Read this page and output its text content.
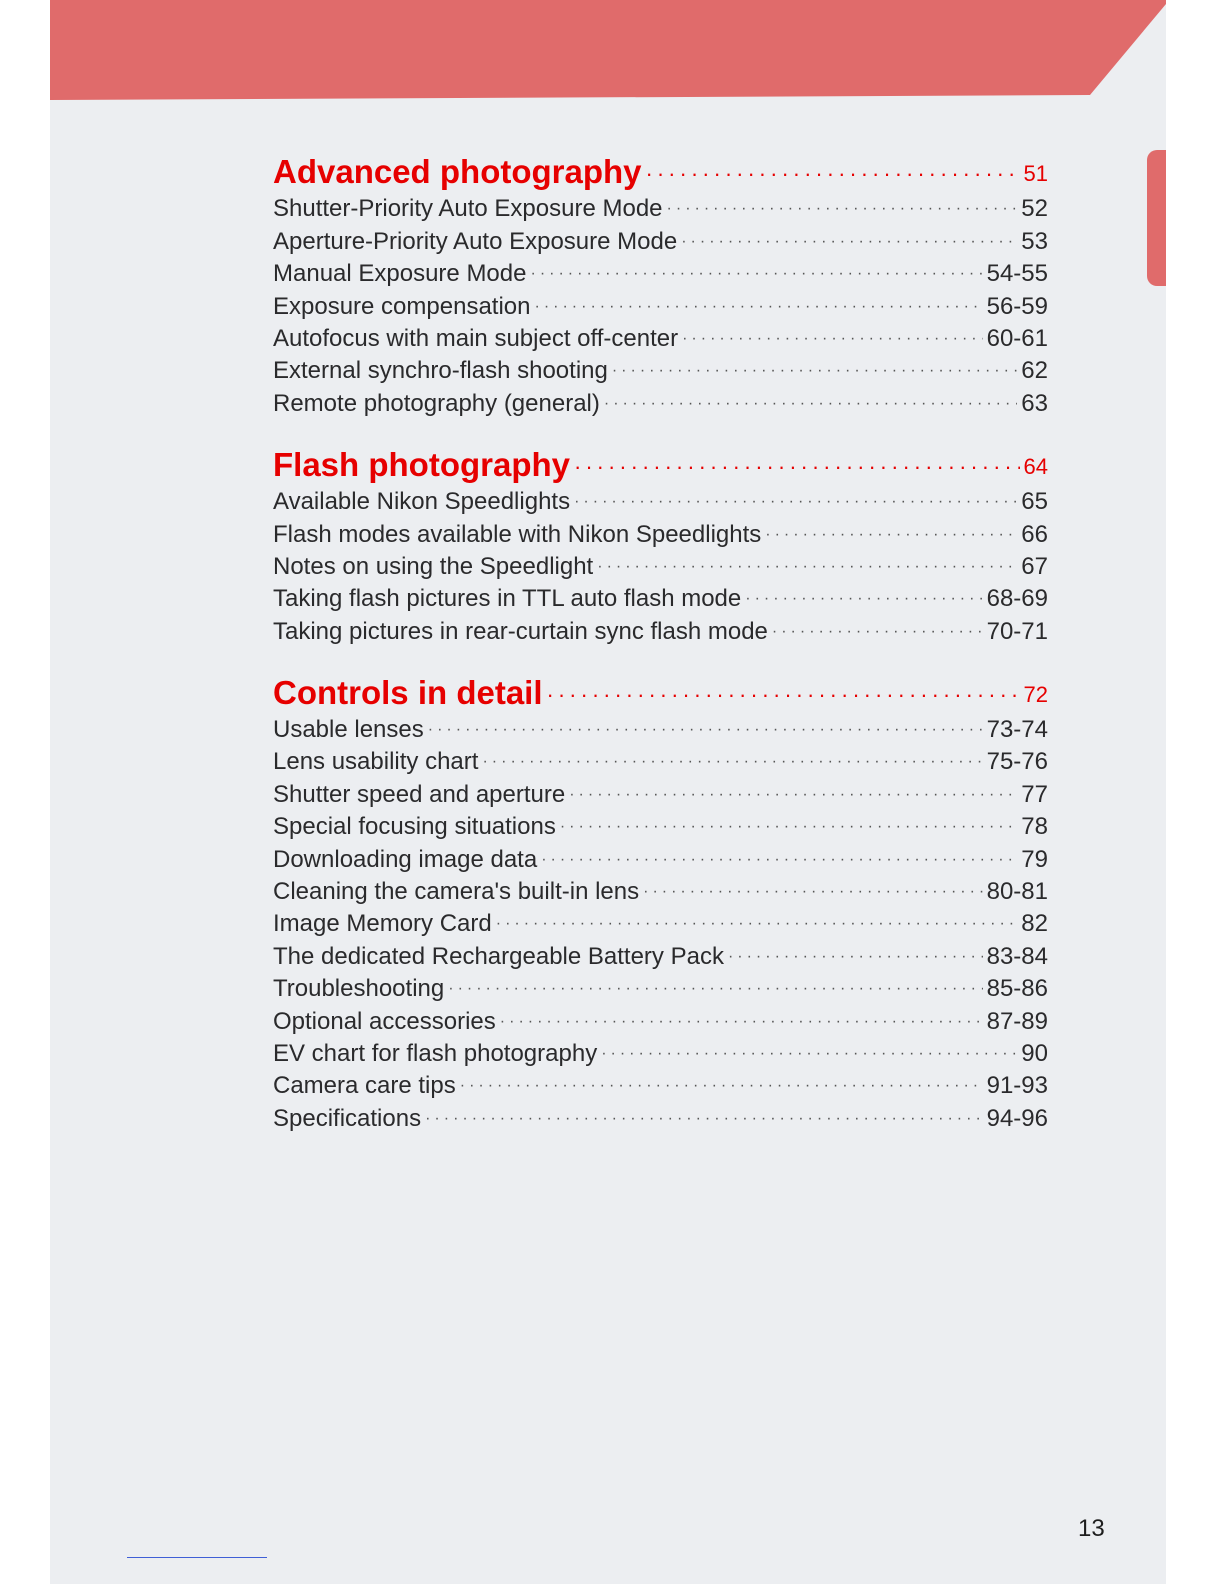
Advanced photography ·····	51
Shutter-Priority Auto Exposure Mode ·····	52
Aperture-Priority Auto Exposure Mode ·····	53
Manual Exposure Mode ·····	54-55
Exposure compensation ·····	56-59
Autofocus with main subject off-center ·····	60-61
External synchro-flash shooting ·····	62
Remote photography (general) ·····	63
Flash photography ·····	64
Available Nikon Speedlights ·····	65
Flash modes available with Nikon Speedlights ·····	66
Notes on using the Speedlight ·····	67
Taking flash pictures in TTL auto flash mode ·····	68-69
Taking pictures in rear-curtain sync flash mode ·····	70-71
Controls in detail ·····	72
Usable lenses ·····	73-74
Lens usability chart ·····	75-76
Shutter speed and aperture ·····	77
Special focusing situations ·····	78
Downloading image data ·····	79
Cleaning the camera's built-in lens ·····	80-81
Image Memory Card ·····	82
The dedicated Rechargeable Battery Pack ·····	83-84
Troubleshooting ·····	85-86
Optional accessories ·····	87-89
EV chart for flash photography ·····	90
Camera care tips ·····	91-93
Specifications ·····	94-96
13
